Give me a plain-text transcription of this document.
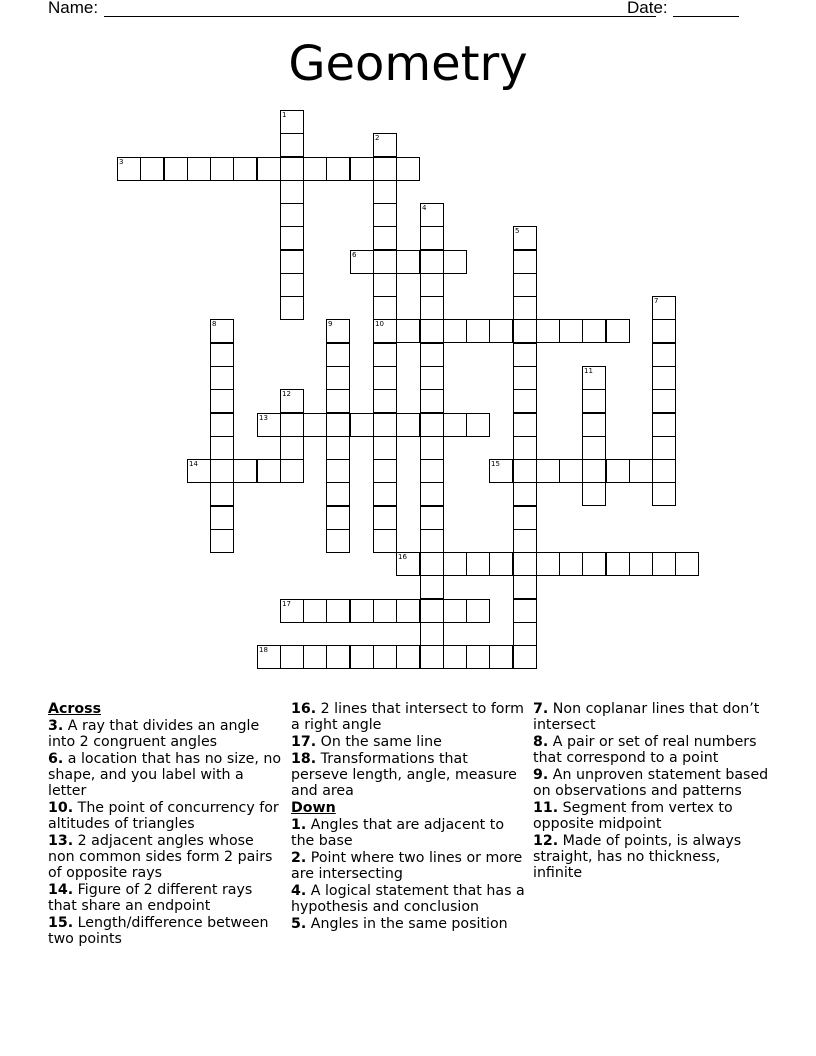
Name:	Date:
Geometry
1
2
10
3
4
5
6
7
8	9
11
12
13
14	15
16
17
18
Across
3. A ray that divides an angle into 2 congruent angles
6. a location that has no size, no shape, and you label with a letter
10. The point of concurrency for altitudes of triangles
13. 2 adjacent angles whose non common sides form 2 pairs of opposite rays
14. Figure of 2 different rays that share an endpoint
15. Length/difference between two points
16. 2 lines that intersect to form a right angle
17. On the same line
18. Transformations that perseve length, angle, measure and area
Down
1. Angles that are adjacent to the base
2. Point where two lines or more are intersecting
4. A logical statement that has a hypothesis and conclusion
5. Angles in the same position
7. Non coplanar lines that don’t intersect
8. A pair or set of real numbers that correspond to a point
9. An unproven statement based on observations and patterns
11. Segment from vertex to opposite midpoint
12. Made of points, is always straight, has no thickness, infinite
